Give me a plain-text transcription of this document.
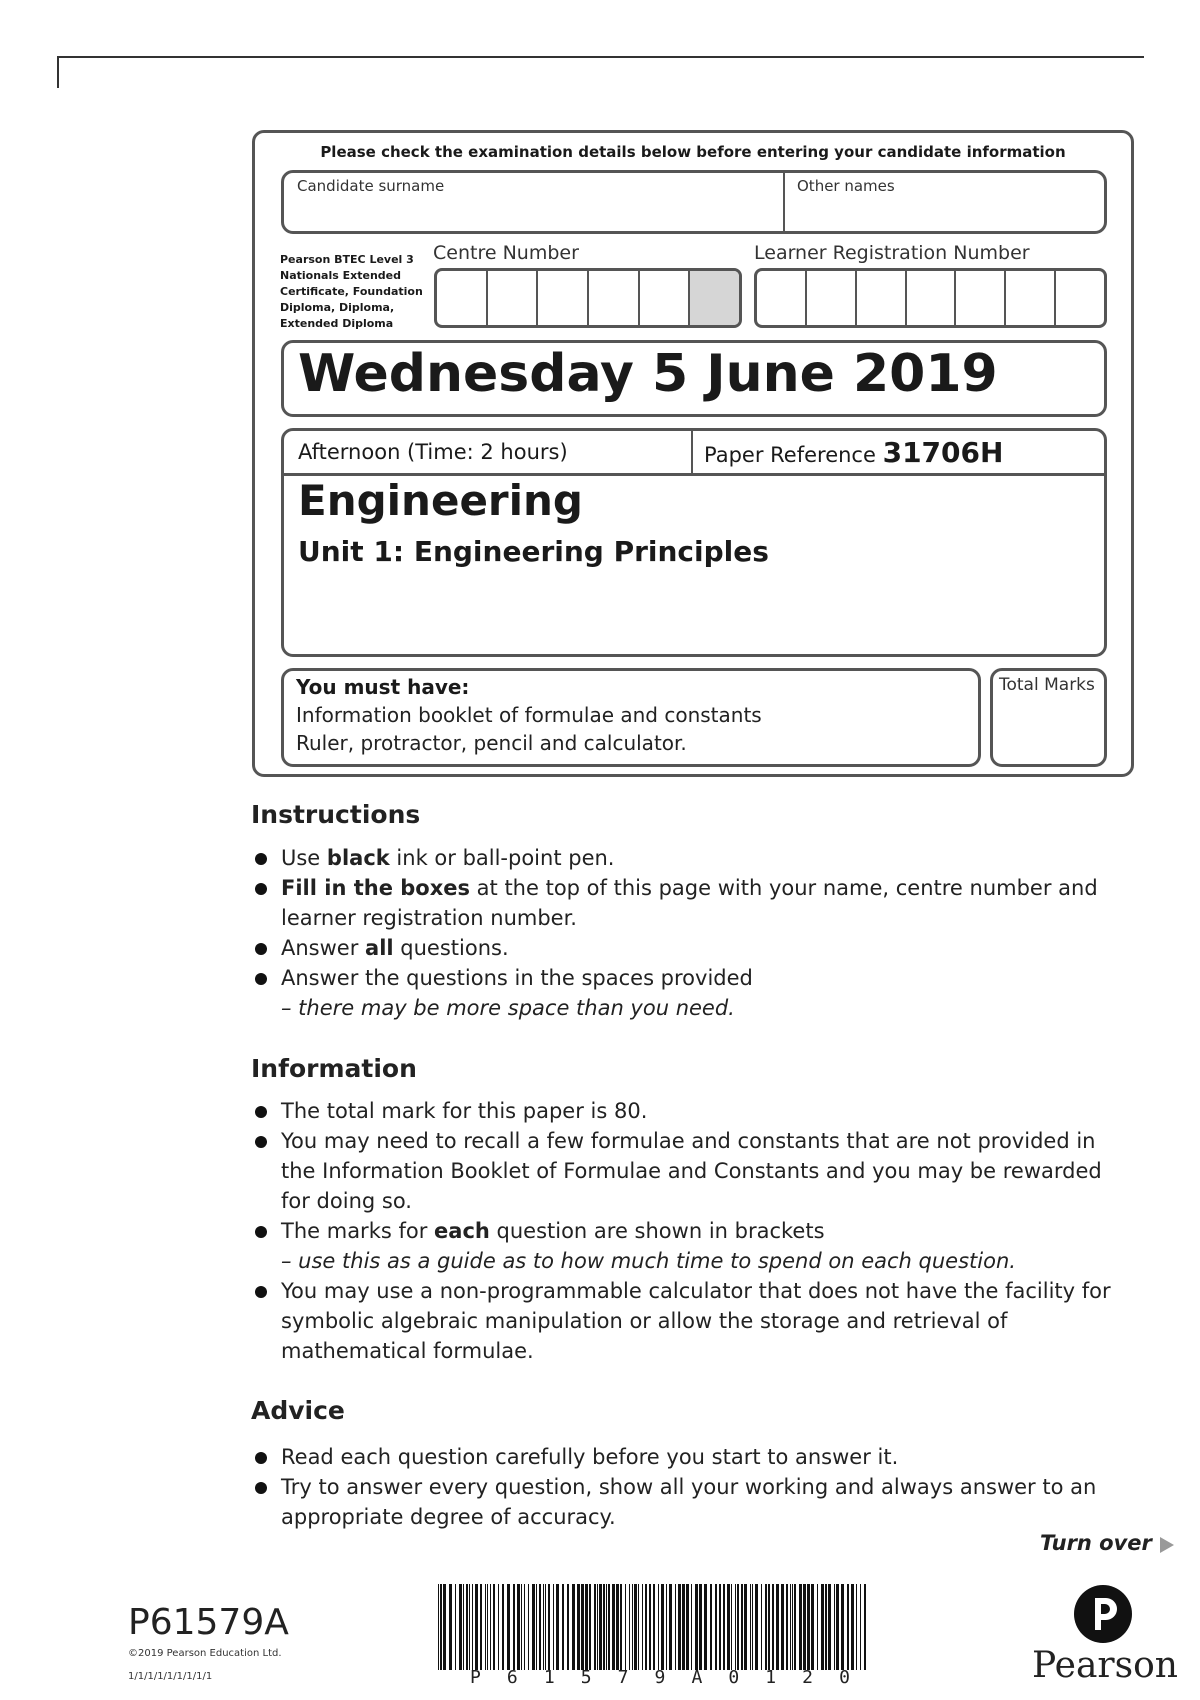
Please check the examination details below before entering your candidate information
Candidate surname	Other names
Pearson BTEC Level 3
Nationals Extended
Certificate, Foundation
Diploma, Diploma,
Extended Diploma
Centre Number	Learner Registration Number
Wednesday 5 June 2019
Afternoon (Time: 2 hours)	Paper Reference 31706H
Engineering
Unit 1: Engineering Principles
You must have:
Information booklet of formulae and constants
Ruler, protractor, pencil and calculator.
Total Marks
Instructions
Use black ink or ball-point pen.
Fill in the boxes at the top of this page with your name, centre number and learner registration number.
Answer all questions.
Answer the questions in the spaces provided
– there may be more space than you need.
Information
The total mark for this paper is 80.
You may need to recall a few formulae and constants that are not provided in the Information Booklet of Formulae and Constants and you may be rewarded for doing so.
The marks for each question are shown in brackets
– use this as a guide as to how much time to spend on each question.
You may use a non-programmable calculator that does not have the facility for symbolic algebraic manipulation or allow the storage and retrieval of mathematical formulae.
Advice
Read each question carefully before you start to answer it.
Try to answer every question, show all your working and always answer to an appropriate degree of accuracy.
Turn over
P61579A
©2019 Pearson Education Ltd.
1/1/1/1/1/1/1/1/1	P 6 1 5 7 9 A 0 1 2 0	Pearson
